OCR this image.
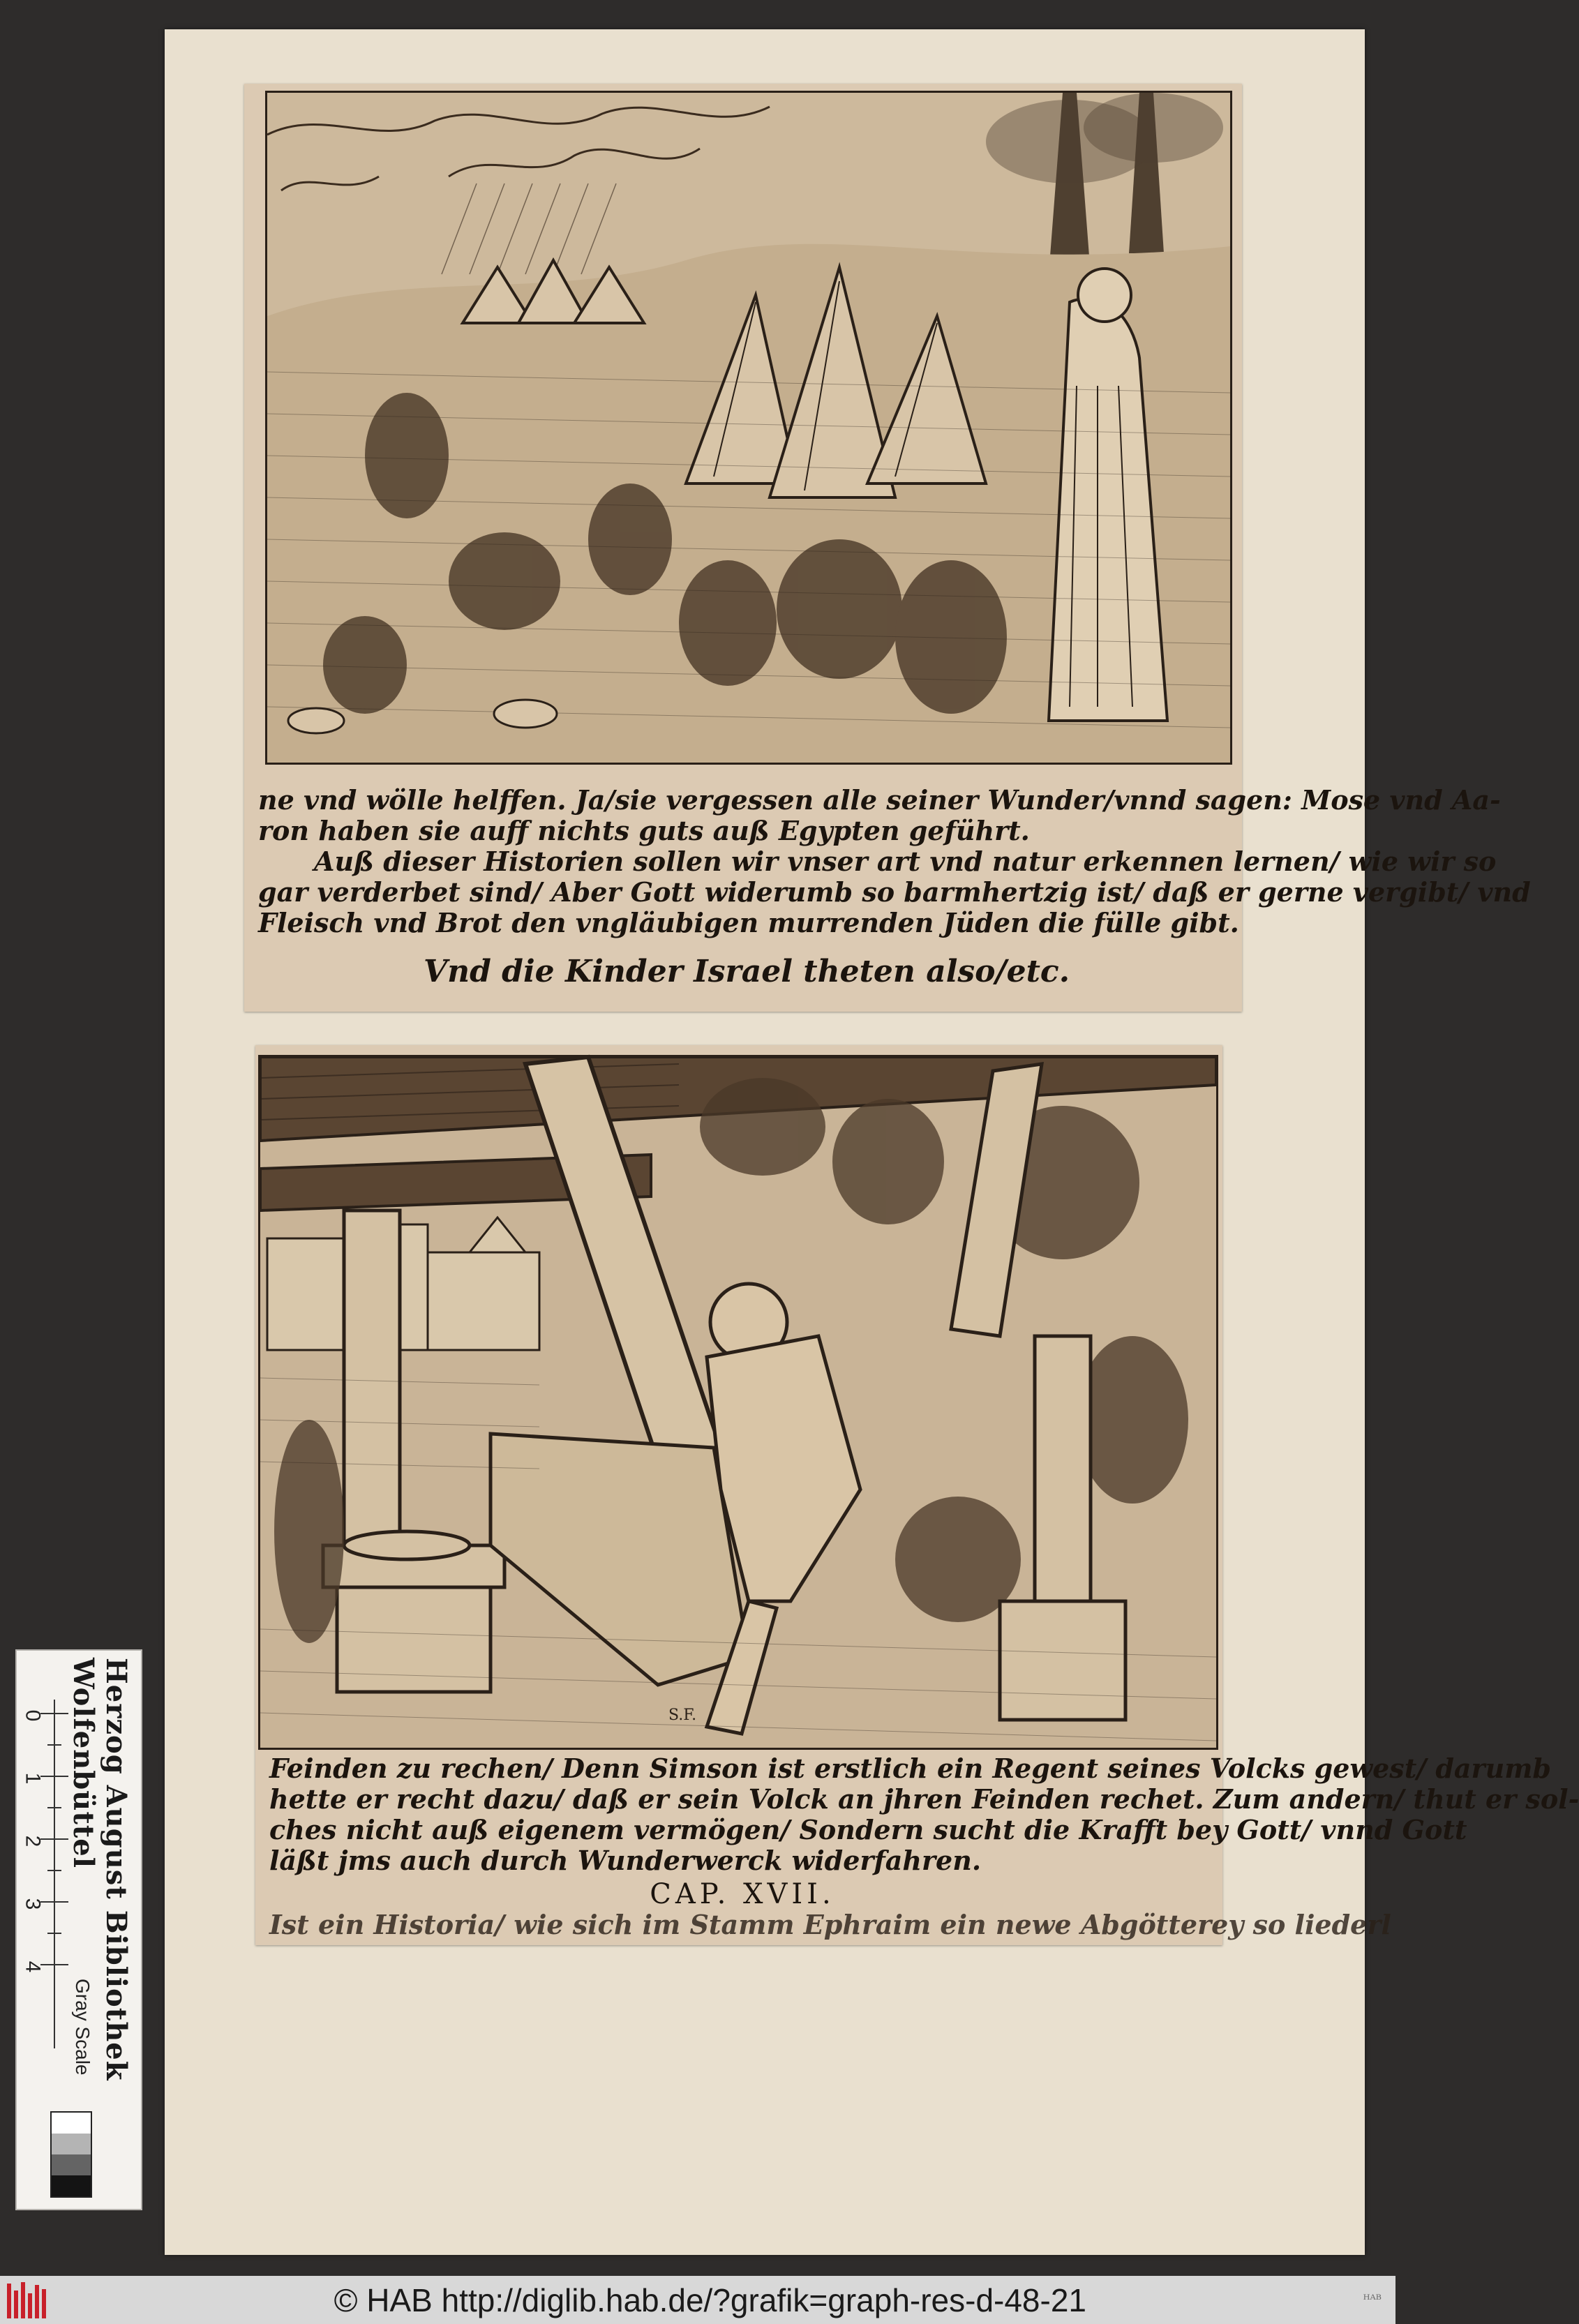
ne vnd wölle helffen. Ja/sie vergessen alle seiner Wunder/vnnd sagen: Mose vnd Aa-
ron haben sie auff nichts guts auß Egypten geführt.
Auß dieser Historien sollen wir vnser art vnd natur erkennen lernen/ wie wir so
gar verderbet sind/ Aber Gott widerumb so barmhertzig ist/ daß er gerne vergibt/ vnd
Fleisch vnd Brot den vngläubigen murrenden Jüden die fülle gibt.
Vnd die Kinder Israel theten also/etc.
S.F.
Feinden zu rechen/ Denn Simson ist erstlich ein Regent seines Volcks gewest/ darumb
hette er recht dazu/ daß er sein Volck an jhren Feinden rechet. Zum andern/ thut er sol-
ches nicht auß eigenem vermögen/ Sondern sucht die Krafft bey Gott/ vnnd Gott
läßt jms auch durch Wunderwerck widerfahren.
CAP. XVII.
Ist ein Historia/ wie sich im Stamm Ephraim ein newe Abgötterey so liederl
0
1
2
3
4	Herzog August Bibliothek Wolfenbüttel
Gray Scale
© HAB http://diglib.hab.de/?grafik=graph-res-d-48-21	ᴴᴬᴮ
